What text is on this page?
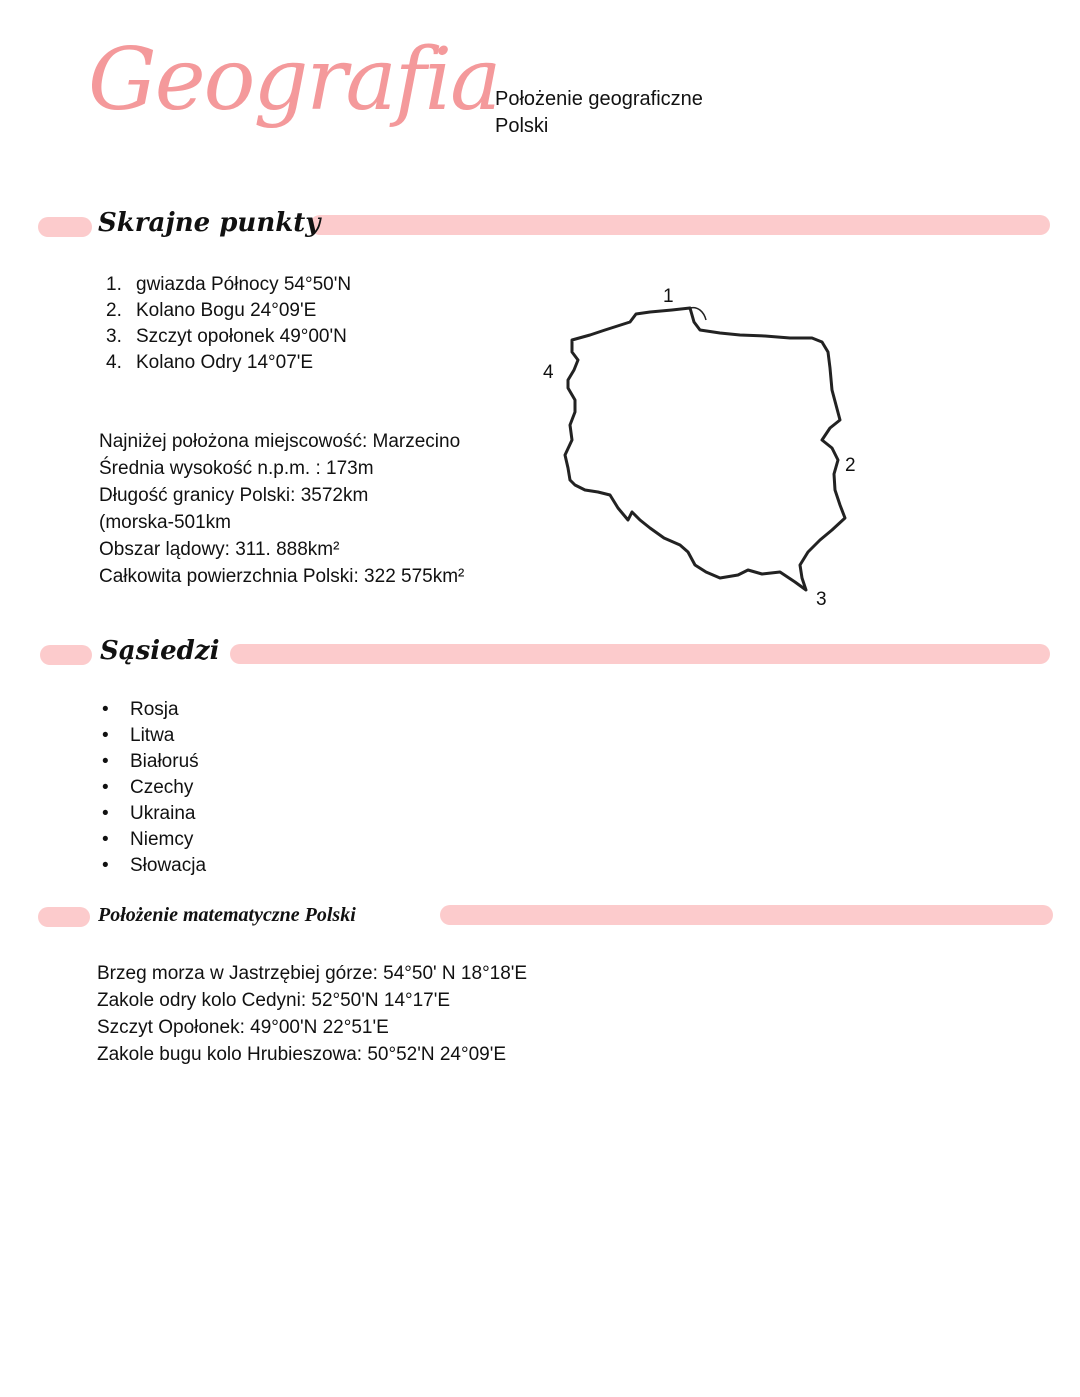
Geografia
Położenie geograficzne
Polski
Skrajne punkty
1. gwiazda Północy 54°50'N
2. Kolano Bogu 24°09'E
3. Szczyt opołonek 49°00'N
4. Kolano Odry 14°07'E
Najniżej położona miejscowość: Marzecino
Średnia wysokość n.p.m. : 173m
Długość granicy Polski: 3572km
(morska-501km
Obszar lądowy: 311. 888km²
Całkowita powierzchnia Polski: 322 575km²
1
2
3
4
Sąsiedzi
• Rosja
• Litwa
• Białoruś
• Czechy
• Ukraina
• Niemcy
• Słowacja
Położenie matematyczne Polski
Brzeg morza w Jastrzębiej górze: 54°50' N 18°18'E
Zakole odry kolo Cedyni: 52°50'N 14°17'E
Szczyt Opołonek: 49°00'N 22°51'E
Zakole bugu kolo Hrubieszowa: 50°52'N 24°09'E
